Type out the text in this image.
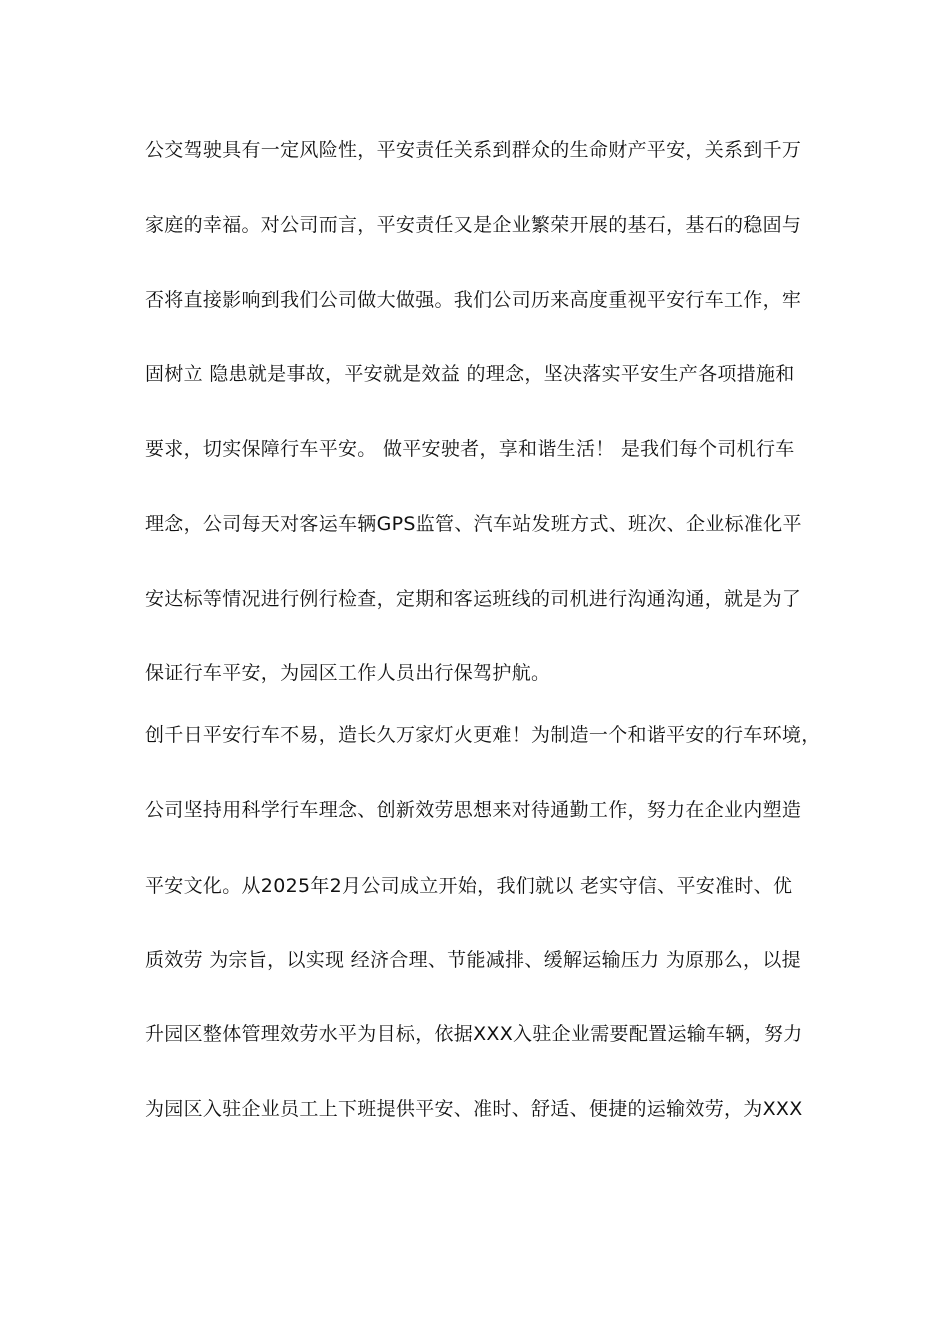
公交驾驶具有一定风险性，平安责任关系到群众的生命财产平安，关系到千万
家庭的幸福。对公司而言，平安责任又是企业繁荣开展的基石，基石的稳固与
否将直接影响到我们公司做大做强。我们公司历来高度重视平安行车工作，牢
固树立 隐患就是事故，平安就是效益 的理念，坚决落实平安生产各项措施和
要求，切实保障行车平安。 做平安驶者，享和谐生活！ 是我们每个司机行车
理念，公司每天对客运车辆GPS监管、汽车站发班方式、班次、企业标准化平
安达标等情况进行例行检查，定期和客运班线的司机进行沟通沟通，就是为了
保证行车平安，为园区工作人员出行保驾护航。
创千日平安行车不易，造长久万家灯火更难！为制造一个和谐平安的行车环境，
公司坚持用科学行车理念、创新效劳思想来对待通勤工作，努力在企业内塑造
平安文化。从2025年2月公司成立开始，我们就以 老实守信、平安准时、优
质效劳 为宗旨，以实现 经济合理、节能减排、缓解运输压力 为原那么，以提
升园区整体管理效劳水平为目标，依据XXX入驻企业需要配置运输车辆，努力
为园区入驻企业员工上下班提供平安、准时、舒适、便捷的运输效劳，为XXX
